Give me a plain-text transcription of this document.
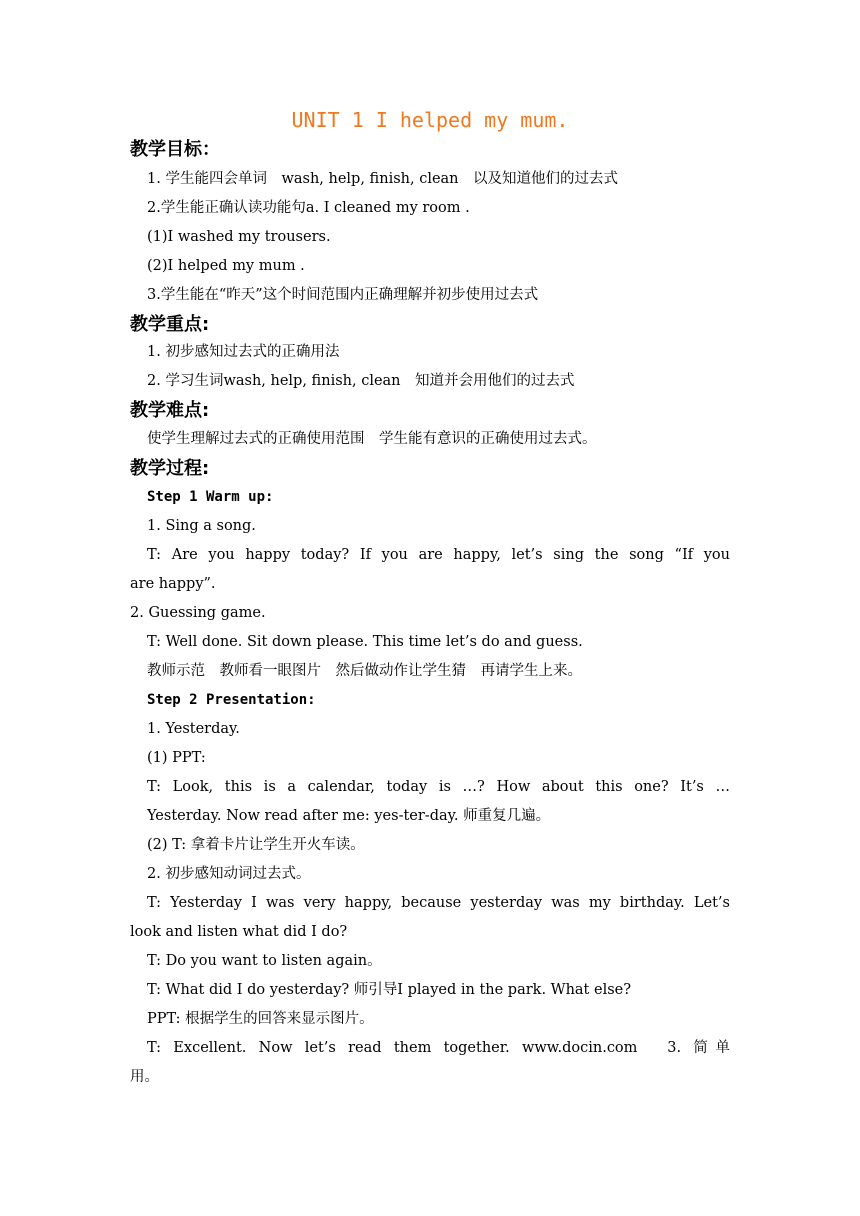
UNIT 1 I helped my mum.
教学目标：
1. 学生能四会单词　wash, help, finish, clean　以及知道他们的过去式
2.学生能正确认读功能句a. I cleaned my room .
(1)I washed my trousers.
(2)I helped my mum .
3.学生能在“昨天”这个时间范围内正确理解并初步使用过去式
教学重点:
1. 初步感知过去式的正确用法
2. 学习生词wash, help, finish, clean　知道并会用他们的过去式
教学难点:
使学生理解过去式的正确使用范围　学生能有意识的正确使用过去式。
教学过程:
Step 1 Warm up:
1. Sing a song.
T: Are you happy today? If you are happy, let’s sing the song “If you
are happy”.
2. Guessing game.
T: Well done. Sit down please. This time let’s do and guess.
教师示范　教师看一眼图片　然后做动作让学生猜　再请学生上来。
Step 2 Presentation:
1. Yesterday.
(1) PPT:
T: Look, this is a calendar, today is …? How about this one? It’s …
Yesterday. Now read after me: yes-ter-day. 师重复几遍。
(2) T: 拿着卡片让学生开火车读。
2. 初步感知动词过去式。
T: Yesterday I was very happy, because yesterday was my birthday. Let’s
look and listen what did I do?
T: Do you want to listen again。
T: What did I do yesterday? 师引导I played in the park. What else?
PPT: 根据学生的回答来显示图片。
T: Excellent. Now let’s read them together. www.docin.com　3. 简单
用。
